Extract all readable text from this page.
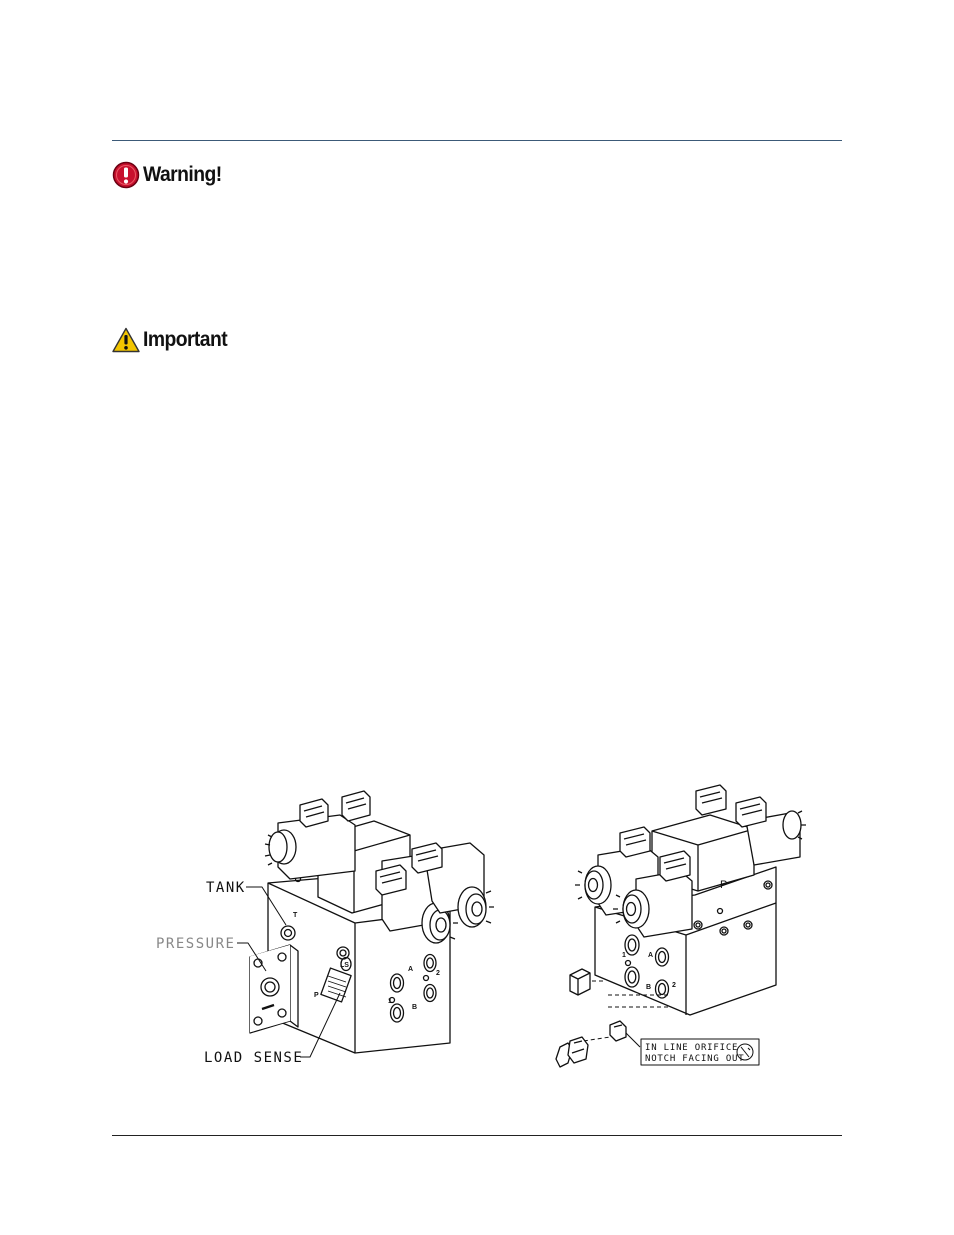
Warning!
Important
T
LS
P
A
1
B
2
TANK
PRESSURE
LOAD SENSE
P
A
1
B	2
IN LINE ORIFICE
NOTCH FACING OUT
